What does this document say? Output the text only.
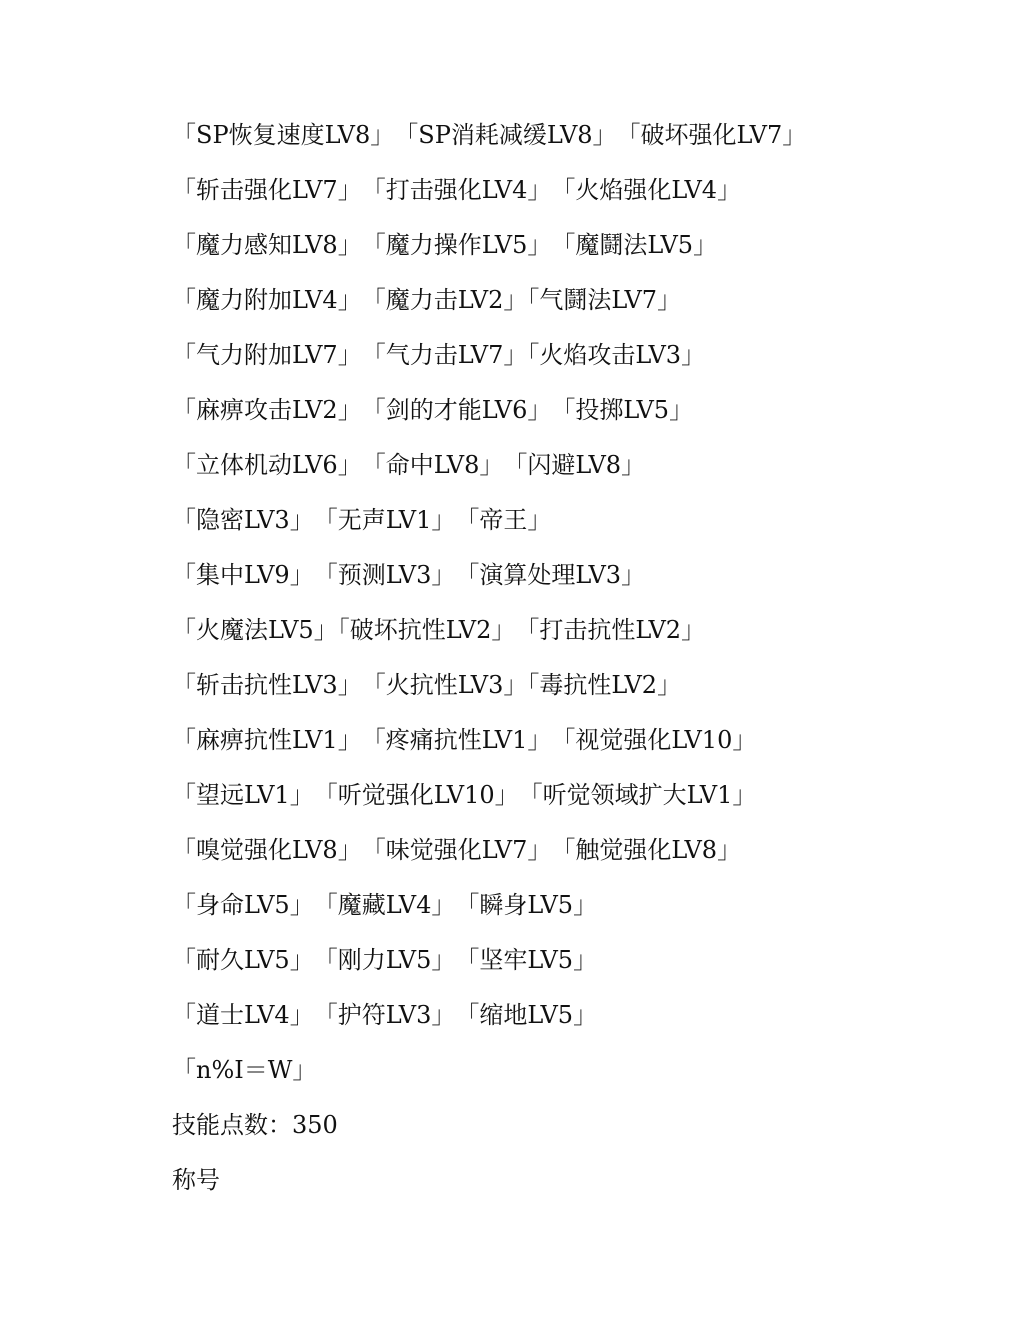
「SP恢复速度LV8」　「SP消耗减缓LV8」　「破坏强化LV7」
「斩击强化LV7」　「打击强化LV4」　「火焰强化LV4」
「魔力感知LV8」　「魔力操作LV5」　「魔鬪法LV5」
「魔力附加LV4」　「魔力击LV2」「气鬪法LV7」
「气力附加LV7」　「气力击LV7」「火焰攻击LV3」
「麻痹攻击LV2」　「剑的才能LV6」　「投掷LV5」
「立体机动LV6」　「命中LV8」　「闪避LV8」
「隐密LV3」　「无声LV1」　「帝王」
「集中LV9」　「预测LV3」　「演算处理LV3」
「火魔法LV5」「破坏抗性LV2」　「打击抗性LV2」
「斩击抗性LV3」　「火抗性LV3」「毒抗性LV2」
「麻痹抗性LV1」　「疼痛抗性LV1」　「视觉强化LV10」
「望远LV1」　「听觉强化LV10」　「听觉领域扩大LV1」
「嗅觉强化LV8」　「味觉强化LV7」　「触觉强化LV8」
「身命LV5」　「魔藏LV4」　「瞬身LV5」
「耐久LV5」　「刚力LV5」　「坚牢LV5」
「道士LV4」　「护符LV3」　「缩地LV5」
「n%I＝W」
技能点数：350
称号
